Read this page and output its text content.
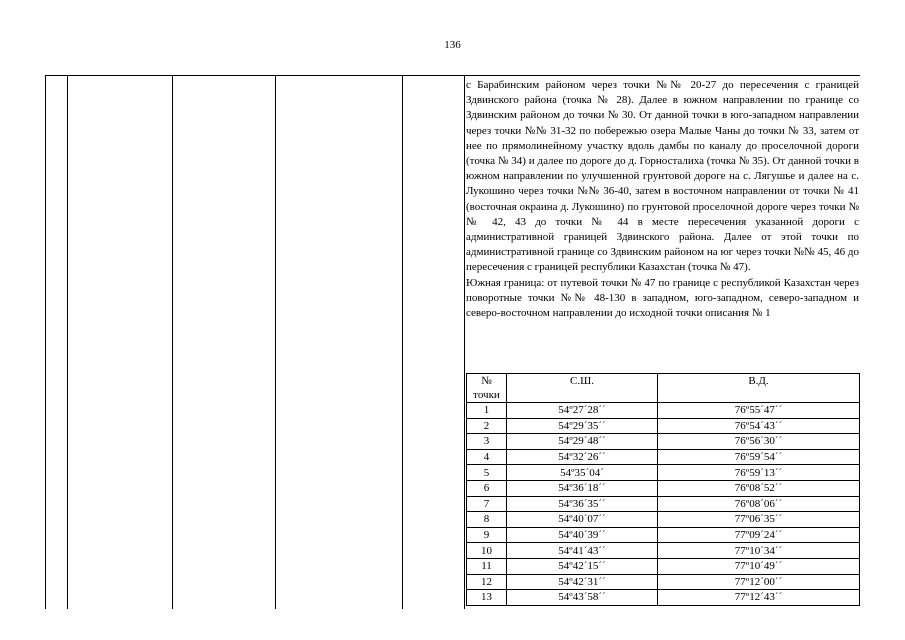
136

с Барабинским районом через точки №№ 20-27 до пересечения с границей Здвинского района (точка № 28). Далее в южном направлении по границе со Здвинским районом до точки № 30. От данной точки в юго-западном направлении через точки №№ 31-32 по побережью озера Малые Чаны до точки № 33, затем от нее по прямолинейному участку вдоль дамбы по каналу до проселочной дороги (точка № 34) и далее по дороге до д. Горносталиха (точка № 35). От данной точки в южном направлении по улучшенной грунтовой дороге на с. Лягушье и далее на с. Лукошино через точки №№ 36-40, затем в восточном направлении от точки № 41 (восточная окраина д. Лукошино) по грунтовой проселочной дороге через точки №№ 42, 43 до точки № 44 в месте пересечения указанной дороги с административной границей Здвинского района. Далее от этой точки по административной границе со Здвинским районом на юг через точки №№ 45, 46 до пересечения с границей республики Казахстан (точка № 47).

Южная граница: от путевой точки № 47 по границе с республикой Казахстан через поворотные точки №№ 48-130 в западном, юго-западном, северо-западном и северо-восточном направлении до исходной точки описания № 1

№ точки	С.Ш.	В.Д.
1	54º27´28´´	76º55´47´´
2	54º29´35´´	76º54´43´´
3	54º29´48´´	76º56´30´´
4	54º32´26´´	76º59´54´´
5	54º35´04´	76º59´13´´
6	54º36´18´´	76º08´52´´
7	54º36´35´´	76º08´06´´
8	54º40´07´´	77º06´35´´
9	54º40´39´´	77º09´24´´
10	54º41´43´´	77º10´34´´
11	54º42´15´´	77º10´49´´
12	54º42´31´´	77º12´00´´
13	54º43´58´´	77º12´43´´
